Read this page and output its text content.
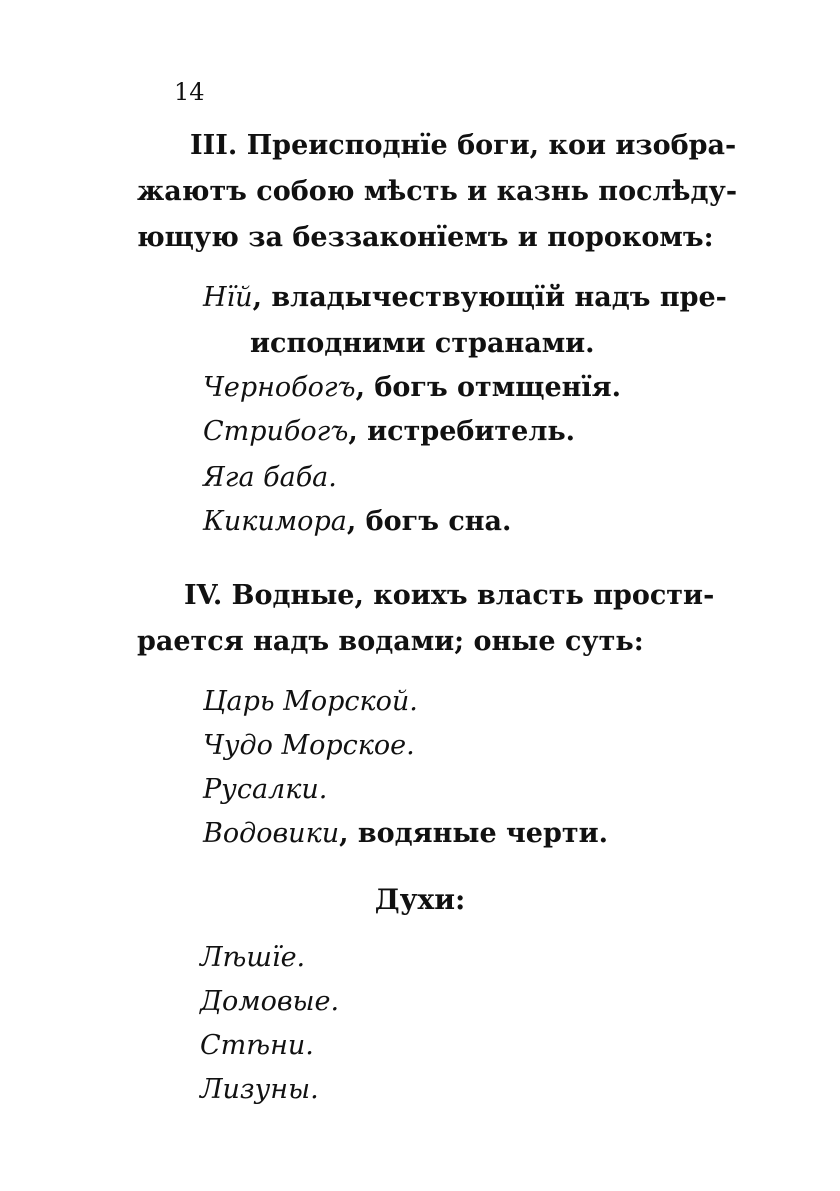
14
III. Преисподнїе боги, кои изобра-
жаютъ собою мѣсть и казнь послѣду-
ющую за беззаконїемъ и порокомъ:
Нїй, владычествующїй надъ пре-
исподними странами.
Чернобогъ, богъ отмщенїя.
Стрибогъ, истребитель.
Яга баба.
Кикимора, богъ сна.
IV. Водные, коихъ власть прости-
рается надъ водами; оные суть:
Царь Морской.
Чудо Морское.
Русалки.
Водовики, водяные черти.
Духи:
Лѣшїе.
Домовые.
Стѣни.
Лизуны.
